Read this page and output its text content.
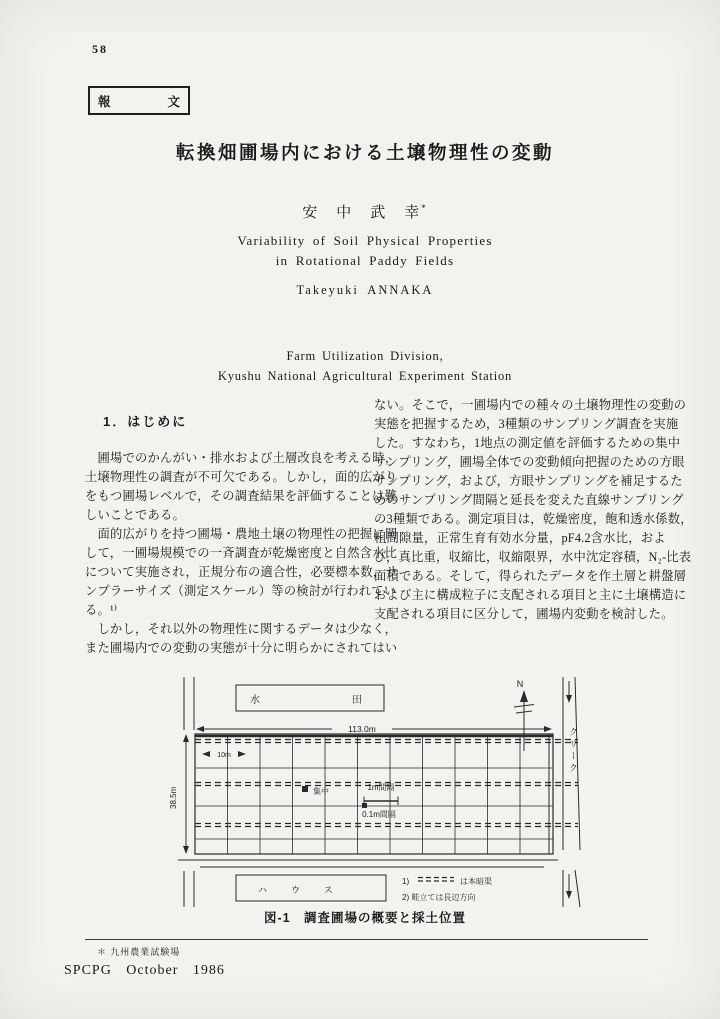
58
報	文
転換畑圃場内における土壌物理性の変動
安　中　武　幸*
Variability of Soil Physical Properties
in Rotational Paddy Fields
Takeyuki ANNAKA
Farm Utilization Division,
Kyushu National Agricultural Experiment Station
1．はじめに
　圃場でのかんがい・排水および土層改良を考える時，
土壌物理性の調査が不可欠である。しかし，面的広がり
をもつ圃場レベルで，その調査結果を評価することは難
しいことである。
　面的広がりを持つ圃場・農地土壌の物理性の把握に関
して，一圃場規模での一斉調査が乾燥密度と自然含水比
について実施され，正規分布の適合性，必要標本数，サ
ンプラーサイズ（測定スケール）等の検討が行われてい
る。¹⁾
　しかし，それ以外の物理性に関するデータは少なく，
また圃場内での変動の実態が十分に明らかにされてはい
ない。そこで，一圃場内での種々の土壌物理性の変動の
実態を把握するため，3種類のサンプリング調査を実施
した。すなわち，1地点の測定値を評価するための集中
サンプリング，圃場全体での変動傾向把握のための方眼
サンプリング，および，方眼サンプリングを補足するた
めのサンプリング間隔と延長を変えた直線サンプリング
の3種類である。測定項目は，乾燥密度，飽和透水係数，
粗間隙量，正常生育有効水分量，pF4.2含水比，およ
び，真比重，収縮比，収縮限界，水中沈定容積，N₂-比表
面積である。そして，得られたデータを作土層と耕盤層
および主に構成粒子に支配される項目と主に土壌構造に
支配される項目に区分して，圃場内変動を検討した。
水田
113.0m
N
38.5m
10m
集中	1m間隔
0.1m間隔
ハウス
1)	は本暗渠
2) 畦立ては長辺方向
クリーク
図-1　調査圃場の概要と採土位置
＊ 九州農業試験場
SPCPG October 1986
